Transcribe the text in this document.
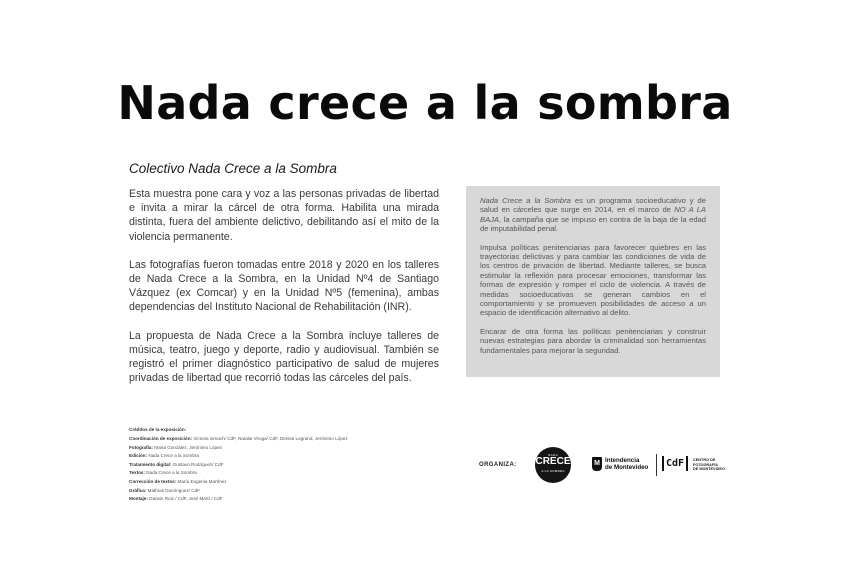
Nada crece a la sombra
Colectivo Nada Crece a la Sombra

Esta muestra pone cara y voz a las personas privadas de libertad e invita a mirar la cárcel de otra forma. Habilita una mirada distinta, fuera del ambiente delictivo, debilitando así el mito de la violencia permanente.

Las fotografías fueron tomadas entre 2018 y 2020 en los talleres de Nada Crece a la Sombra, en la Unidad Nº4 de Santiago Vázquez (ex Comcar) y en la Unidad Nº5 (femenina), ambas dependencias del Instituto Nacional de Rehabilitación (INR).

La propuesta de Nada Crece a la Sombra incluye talleres de música, teatro, juego y deporte, radio y audiovisual. También se registró el primer diagnóstico participativo de salud de mujeres privadas de libertad que recorrió todas las cárceles del país.

Nada Crece a la Sombra es un programa socioeducativo y de salud en cárceles que surge en 2014, en el marco de NO A LA BAJA, la campaña que se impuso en contra de la baja de la edad de imputabilidad penal.

Impulsa políticas penitenciarias para favorecer quiebres en las trayectorias delictivas y para cambiar las condiciones de vida de los centros de privación de libertad. Mediante talleres, se busca estimular la reflexión para procesar emociones, transformar las formas de expresión y romper el ciclo de violencia. A través de medidas socioeducativas se generan cambios en el comportamiento y se promueven posibilidades de acceso a un espacio de identificación alternativo al delito.

Encarar de otra forma las políticas penitenciarias y construir nuevas estrategias para abordar la criminalidad son herramientas fundamentales para mejorar la seguridad.

Créditos de la exposición:
Coordinación de exposición: Victoria Ismach/ CdF, Natalia Viroga/ CdF, Denise Legrand, Jerónimo López
Fotografía: Marta González, Jerónimo López
Edición: Nada Crece a la Sombra
Tratamiento digital: Gustavo Rodríguez/ CdF
Textos: Nada Crece a la Sombra
Corrección de textos: María Eugenia Martínez
Gráfica: Mathías Domínguez/ CdF
Montaje: Darwin Ruiz / CdF, José Martí / CdF
ORGANIZA:
NADA
CRECE
A LA SOMBRA
M Intendencia
de Montevideo	CdF	CENTRO DE
FOTOGRAFÍA
DE MONTEVIDEO
